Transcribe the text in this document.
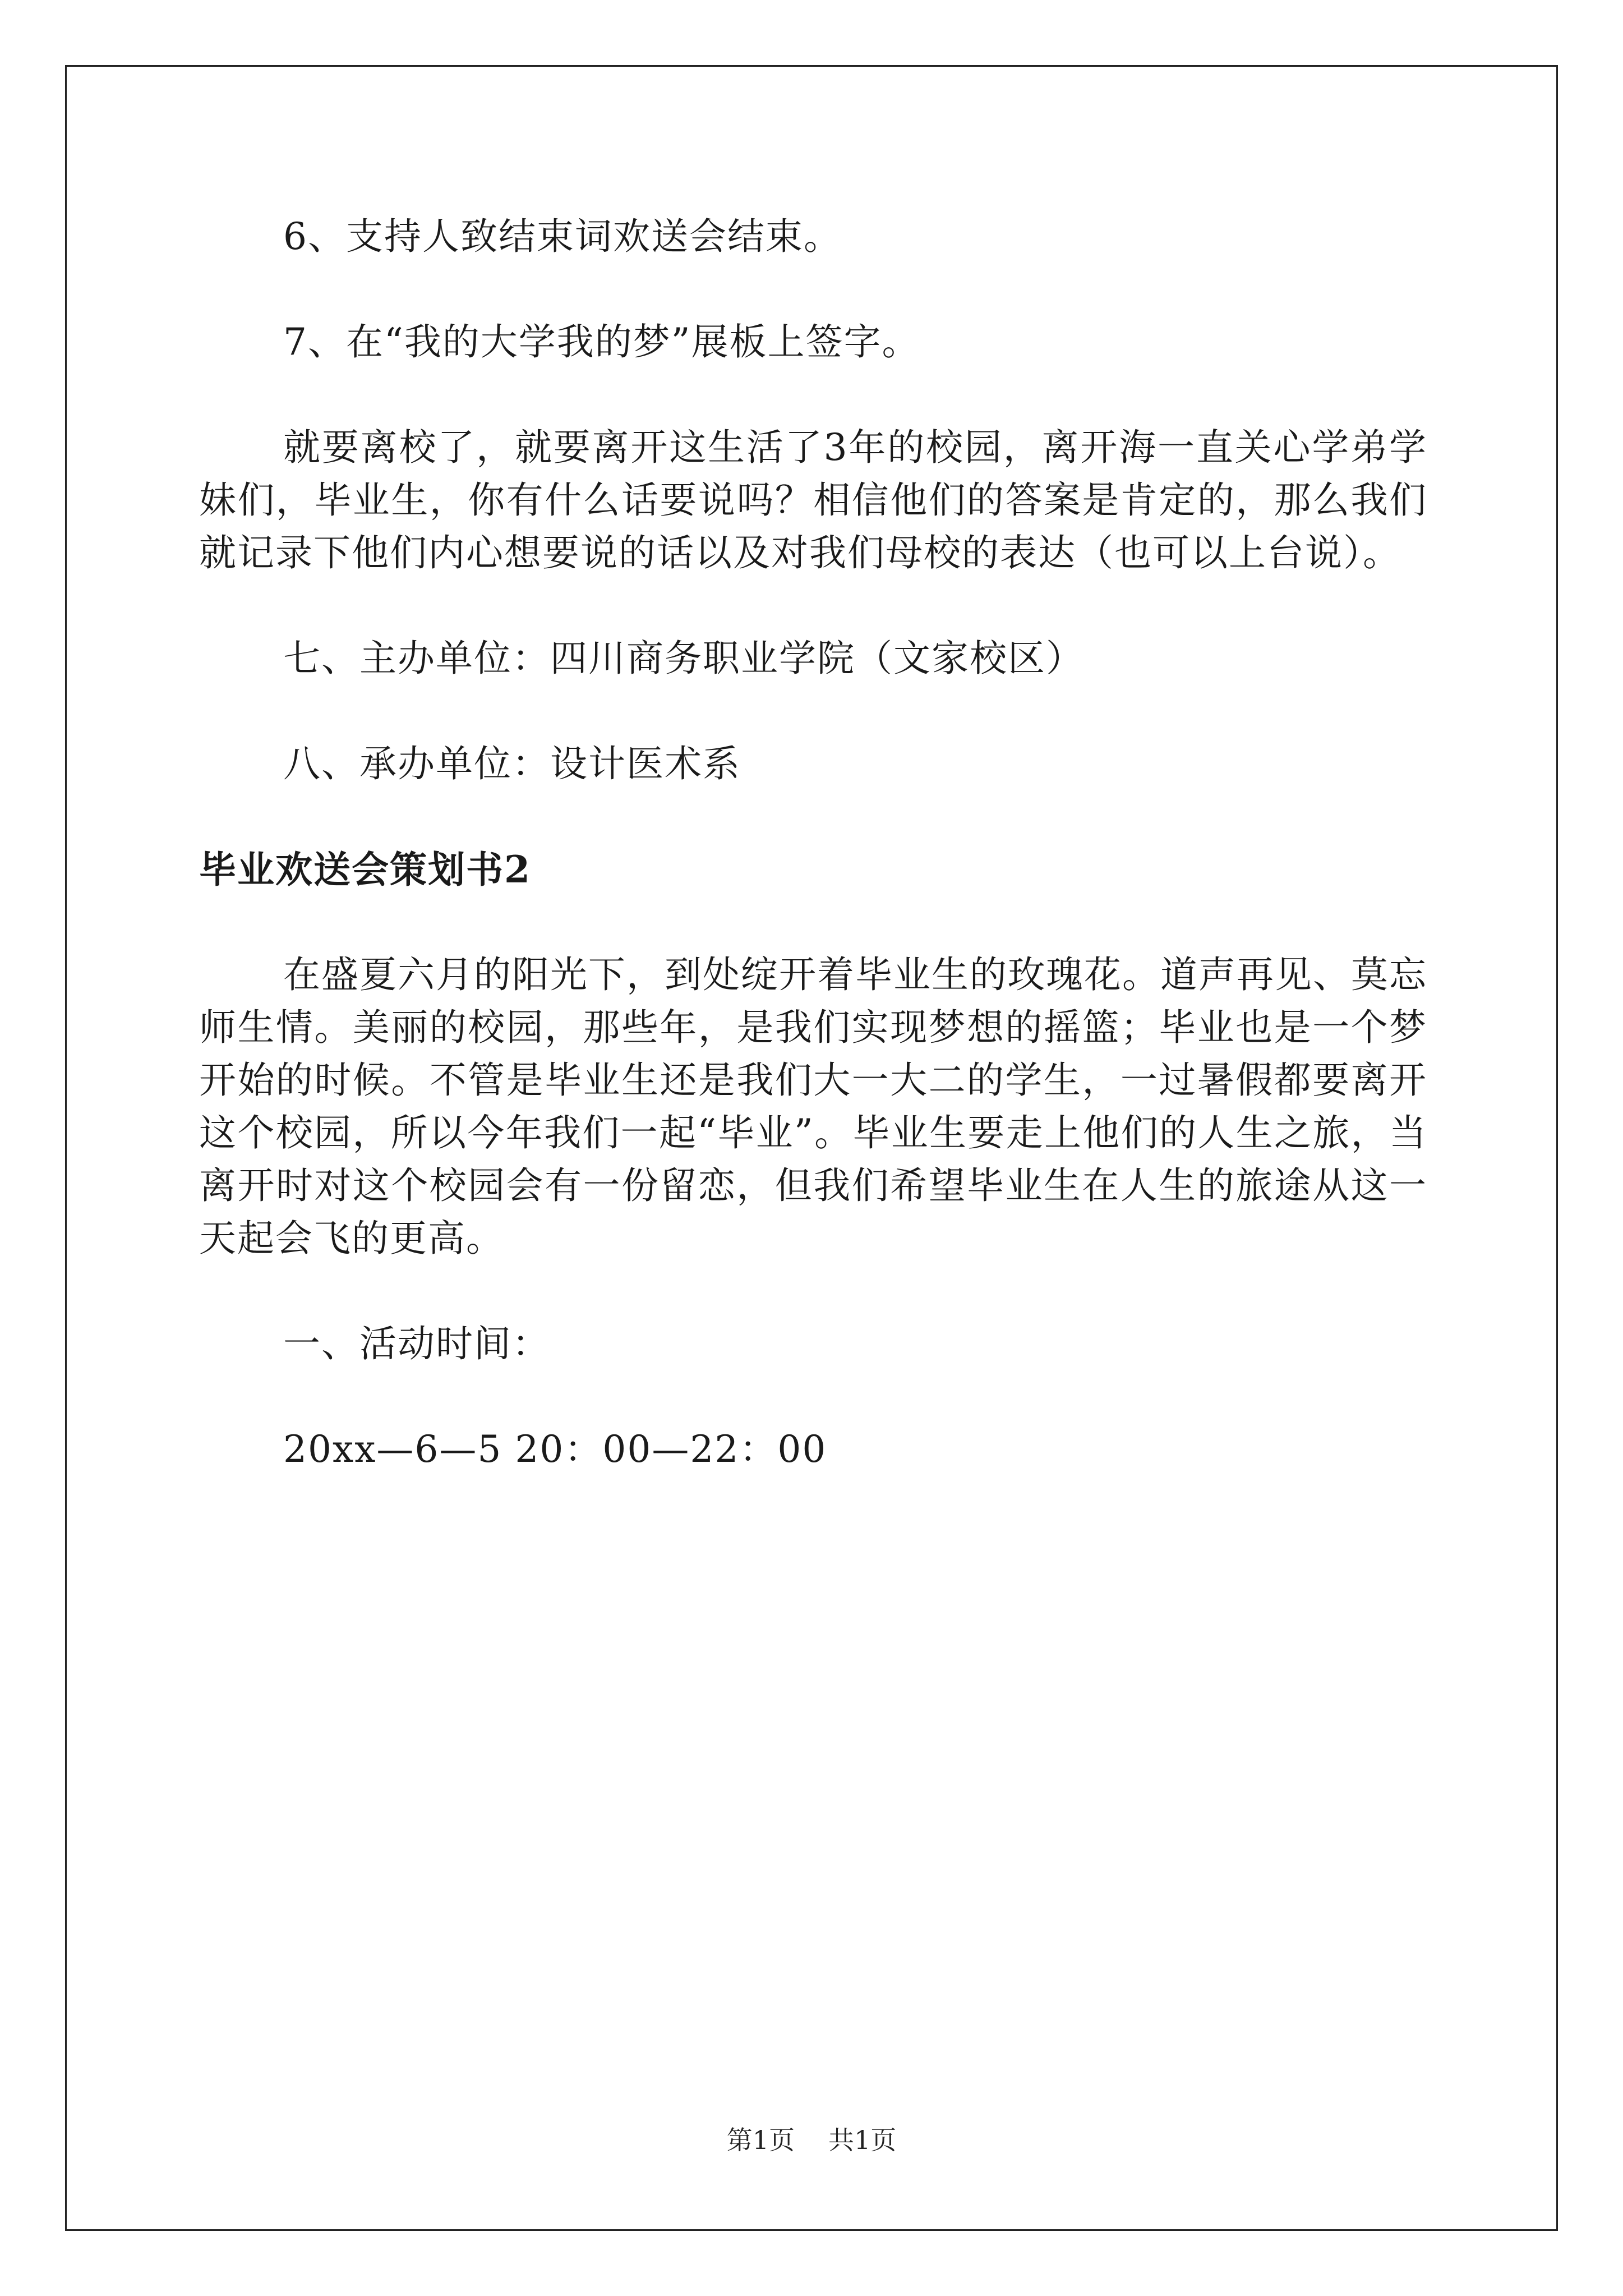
6、支持人致结束词欢送会结束。

7、在“我的大学我的梦”展板上签字。

就要离校了，就要离开这生活了3年的校园，离开海一直关心学弟学妹们，毕业生，你有什么话要说吗？相信他们的答案是肯定的，那么我们就记录下他们内心想要说的话以及对我们母校的表达（也可以上台说）。

七、主办单位：四川商务职业学院（文家校区）

八、承办单位：设计医术系

毕业欢送会策划书2

在盛夏六月的阳光下，到处绽开着毕业生的玫瑰花。道声再见、莫忘师生情。美丽的校园，那些年，是我们实现梦想的摇篮；毕业也是一个梦开始的时候。不管是毕业生还是我们大一大二的学生，一过暑假都要离开这个校园，所以今年我们一起“毕业”。毕业生要走上他们的人生之旅，当离开时对这个校园会有一份留恋，但我们希望毕业生在人生的旅途从这一天起会飞的更高。

一、活动时间：

20xx—6—5 20：00—22：00

第1页 共1页
